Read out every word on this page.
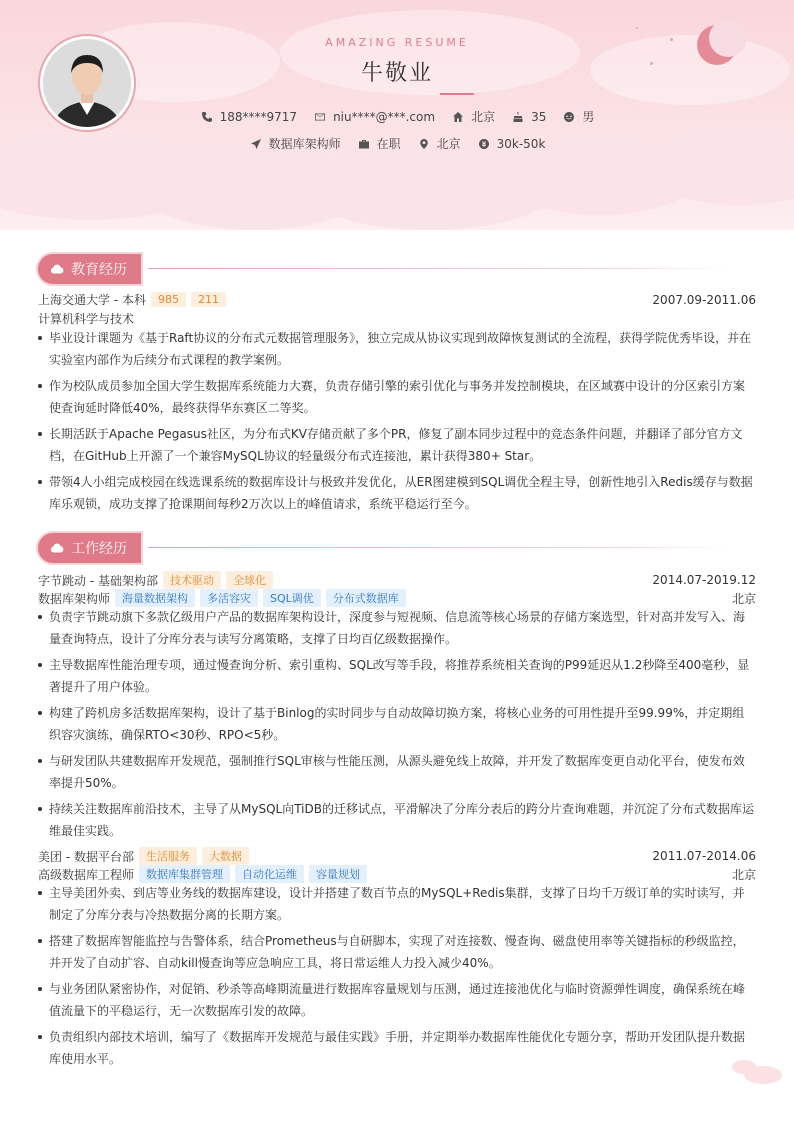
AMAZING RESUME
牛敬业
188****9717	niu****@***.com	北京	35	男
数据库架构师	在职	北京	30k-50k
教育经历
上海交通大学 - 本科	985	211	2007.09-2011.06
计算机科学与技术
毕业设计课题为《基于Raft协议的分布式元数据管理服务》，独立完成从协议实现到故障恢复测试的全流程，获得学院优秀毕设，并在实验室内部作为后续分布式课程的教学案例。
作为校队成员参加全国大学生数据库系统能力大赛，负责存储引擎的索引优化与事务并发控制模块，在区域赛中设计的分区索引方案使查询延时降低40%，最终获得华东赛区二等奖。
长期活跃于Apache Pegasus社区，为分布式KV存储贡献了多个PR，修复了副本同步过程中的竞态条件问题，并翻译了部分官方文档，在GitHub上开源了一个兼容MySQL协议的轻量级分布式连接池，累计获得380+ Star。
带领4人小组完成校园在线选课系统的数据库设计与极致并发优化，从ER图建模到SQL调优全程主导，创新性地引入Redis缓存与数据库乐观锁，成功支撑了抢课期间每秒2万次以上的峰值请求，系统平稳运行至今。
工作经历
字节跳动 - 基础架构部	技术驱动	全球化	2014.07-2019.12
数据库架构师	海量数据架构	多活容灾	SQL调优	分布式数据库	北京
负责字节跳动旗下多款亿级用户产品的数据库架构设计，深度参与短视频、信息流等核心场景的存储方案选型，针对高并发写入、海量查询特点，设计了分库分表与读写分离策略，支撑了日均百亿级数据操作。
主导数据库性能治理专项，通过慢查询分析、索引重构、SQL改写等手段，将推荐系统相关查询的P99延迟从1.2秒降至400毫秒，显著提升了用户体验。
构建了跨机房多活数据库架构，设计了基于Binlog的实时同步与自动故障切换方案，将核心业务的可用性提升至99.99%，并定期组织容灾演练，确保RTO<30秒、RPO<5秒。
与研发团队共建数据库开发规范，强制推行SQL审核与性能压测，从源头避免线上故障，并开发了数据库变更自动化平台，使发布效率提升50%。
持续关注数据库前沿技术，主导了从MySQL向TiDB的迁移试点，平滑解决了分库分表后的跨分片查询难题，并沉淀了分布式数据库运维最佳实践。
美团 - 数据平台部	生活服务	大数据	2011.07-2014.06
高级数据库工程师	数据库集群管理	自动化运维	容量规划	北京
主导美团外卖、到店等业务线的数据库建设，设计并搭建了数百节点的MySQL+Redis集群，支撑了日均千万级订单的实时读写，并制定了分库分表与冷热数据分离的长期方案。
搭建了数据库智能监控与告警体系，结合Prometheus与自研脚本，实现了对连接数、慢查询、磁盘使用率等关键指标的秒级监控，并开发了自动扩容、自动kill慢查询等应急响应工具，将日常运维人力投入减少40%。
与业务团队紧密协作，对促销、秒杀等高峰期流量进行数据库容量规划与压测，通过连接池优化与临时资源弹性调度，确保系统在峰值流量下的平稳运行，无一次数据库引发的故障。
负责组织内部技术培训，编写了《数据库开发规范与最佳实践》手册，并定期举办数据库性能优化专题分享，帮助开发团队提升数据库使用水平。
